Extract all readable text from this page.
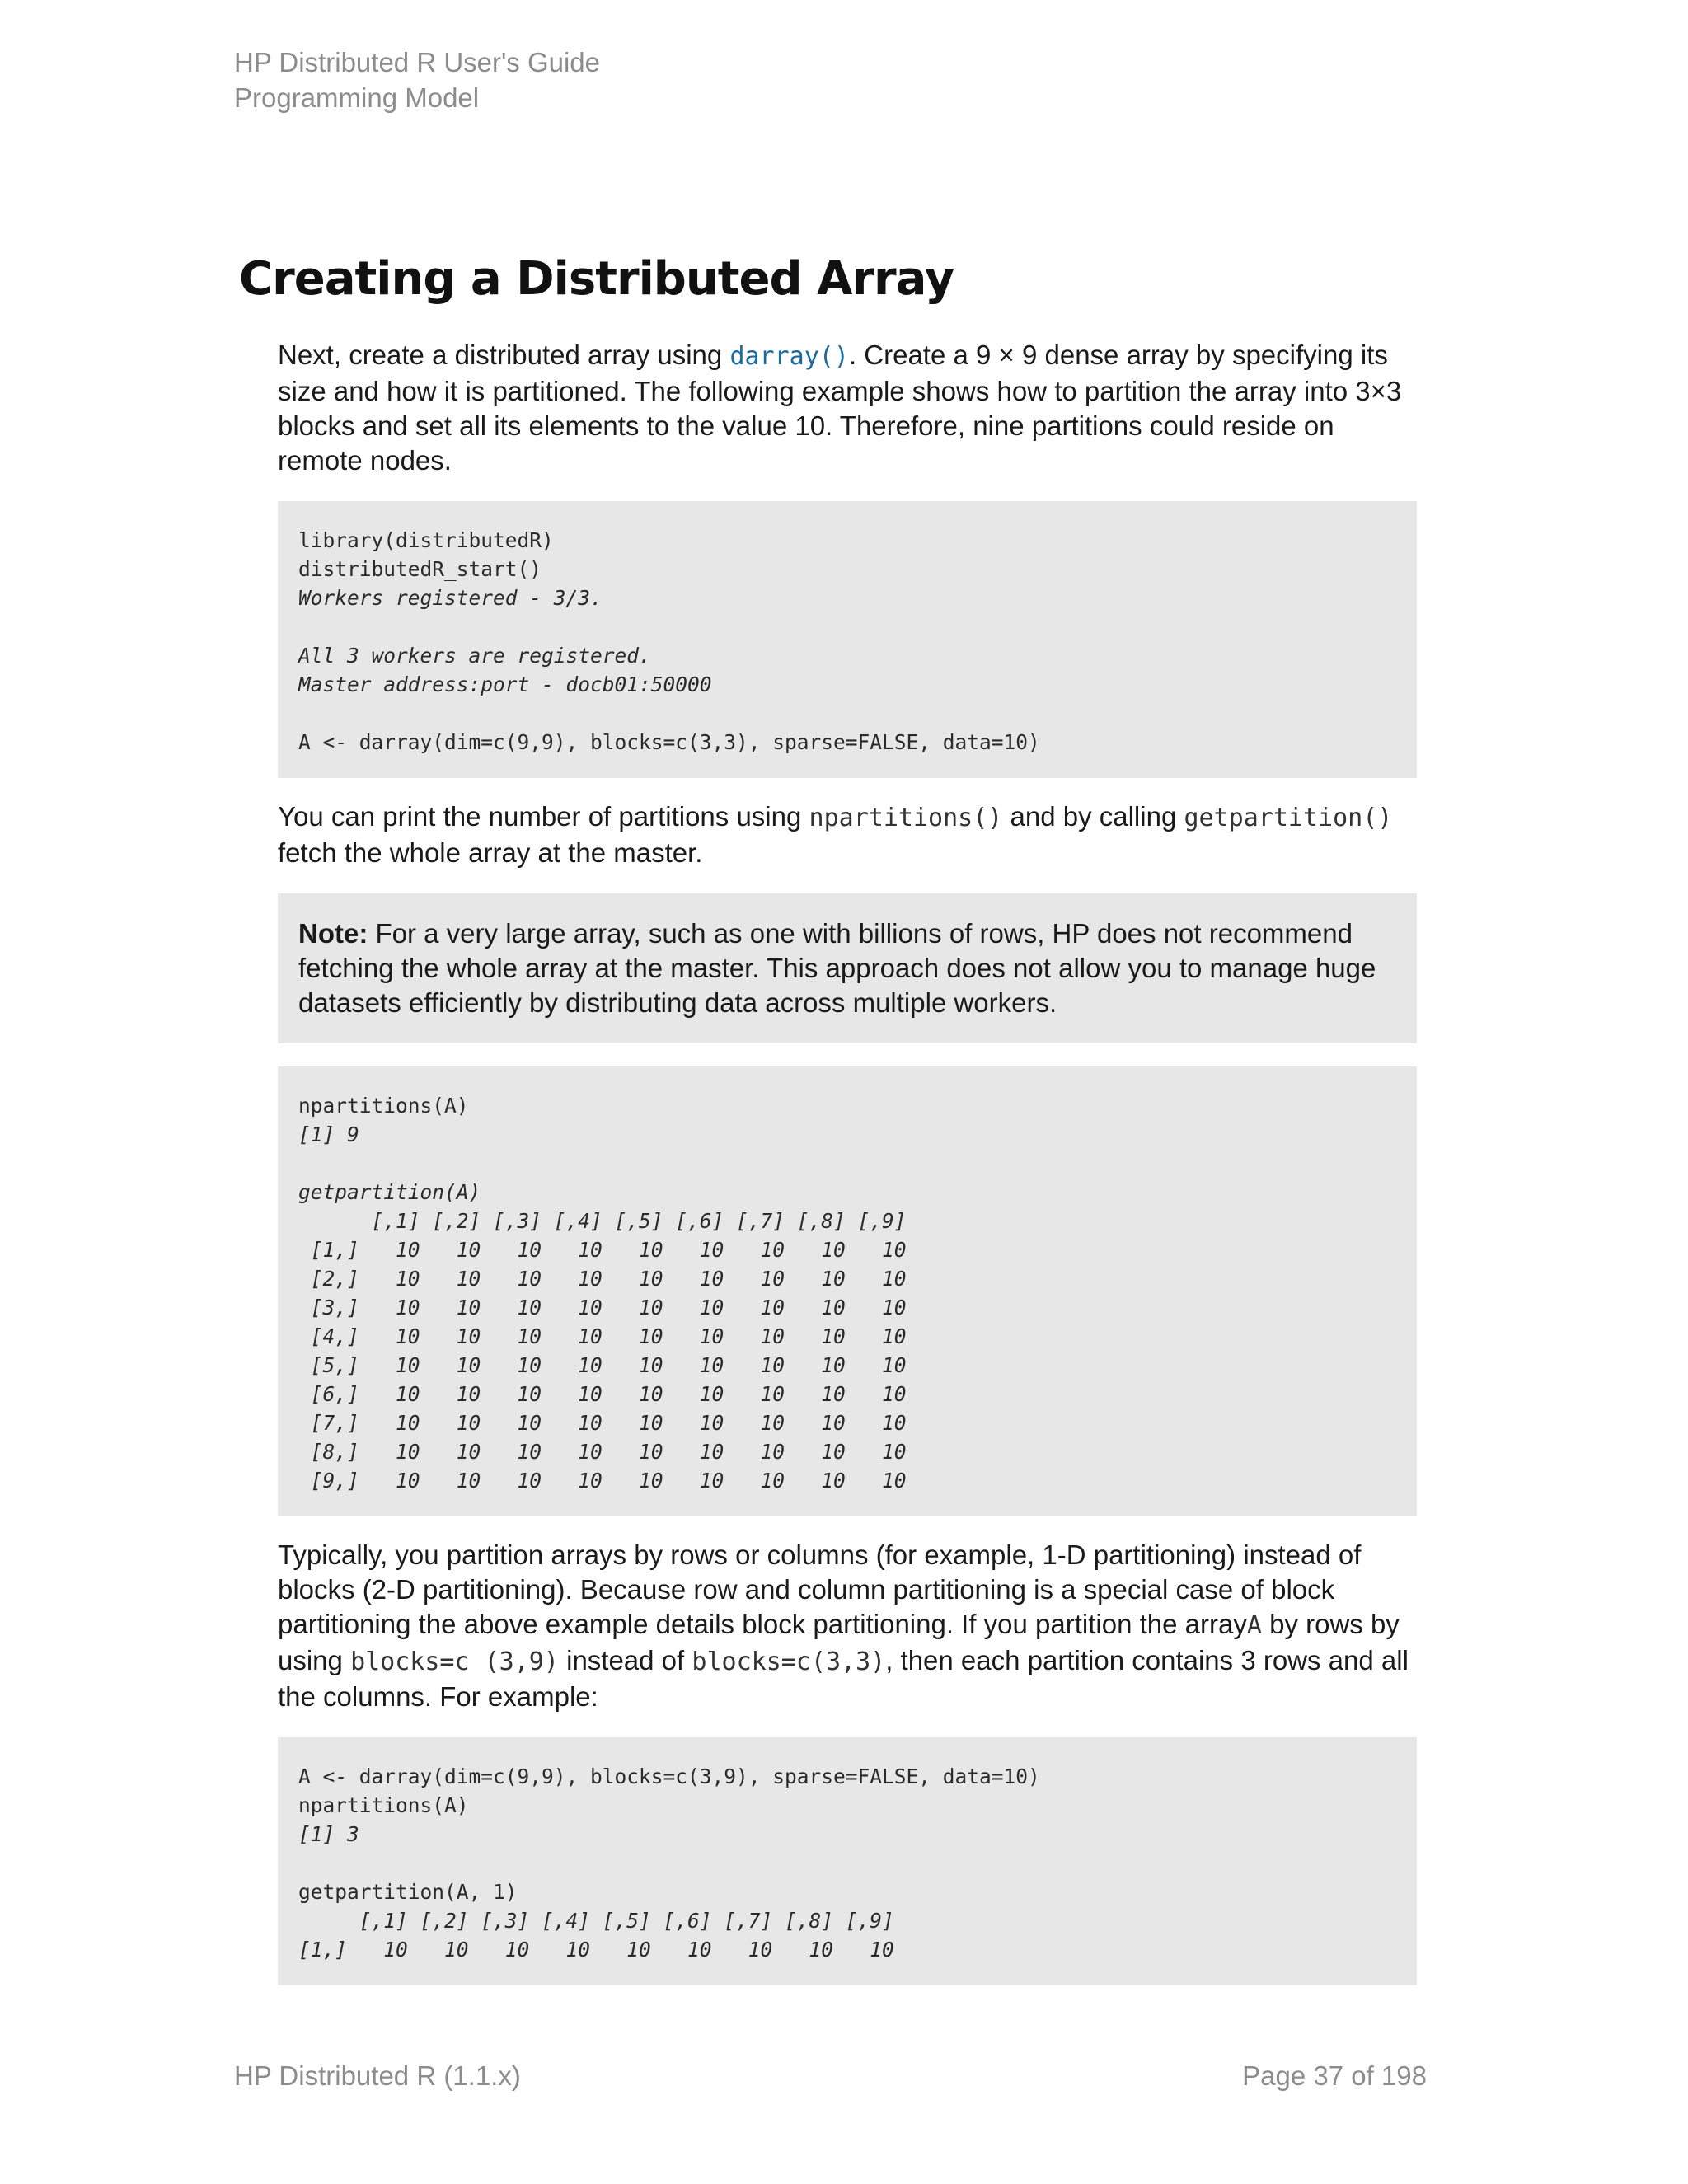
HP Distributed R User's Guide
Programming Model
Creating a Distributed Array

Next, create a distributed array using darray(). Create a 9 × 9 dense array by specifying its size and how it is partitioned. The following example shows how to partition the array into 3×3 blocks and set all its elements to the value 10. Therefore, nine partitions could reside on remote nodes.

library(distributedR)
distributedR_start()
Workers registered - 3/3.
All 3 workers are registered.
Master address:port - docb01:50000
A <- darray(dim=c(9,9), blocks=c(3,3), sparse=FALSE, data=10)

You can print the number of partitions using npartitions() and by calling getpartition() fetch the whole array at the master.

Note: For a very large array, such as one with billions of rows, HP does not recommend fetching the whole array at the master. This approach does not allow you to manage huge datasets efficiently by distributing data across multiple workers.
npartitions(A)
[1] 9
getpartition(A)
[,1] [,2] [,3] [,4] [,5] [,6] [,7] [,8] [,9]
[1,]   10   10   10   10   10   10   10   10   10
[2,]   10   10   10   10   10   10   10   10   10
[3,]   10   10   10   10   10   10   10   10   10
[4,]   10   10   10   10   10   10   10   10   10
[5,]   10   10   10   10   10   10   10   10   10
[6,]   10   10   10   10   10   10   10   10   10
[7,]   10   10   10   10   10   10   10   10   10
[8,]   10   10   10   10   10   10   10   10   10
[9,]   10   10   10   10   10   10   10   10   10

Typically, you partition arrays by rows or columns (for example, 1-D partitioning) instead of blocks (2-D partitioning). Because row and column partitioning is a special case of block partitioning the above example details block partitioning. If you partition the arrayA by rows by using blocks=c (3,9) instead of blocks=c(3,3), then each partition contains 3 rows and all the columns. For example:

A <- darray(dim=c(9,9), blocks=c(3,9), sparse=FALSE, data=10)
npartitions(A)
[1] 3
getpartition(A, 1)
[,1] [,2] [,3] [,4] [,5] [,6] [,7] [,8] [,9]
[1,]   10   10   10   10   10   10   10   10   10
HP Distributed R (1.1.x)	Page 37 of 198
